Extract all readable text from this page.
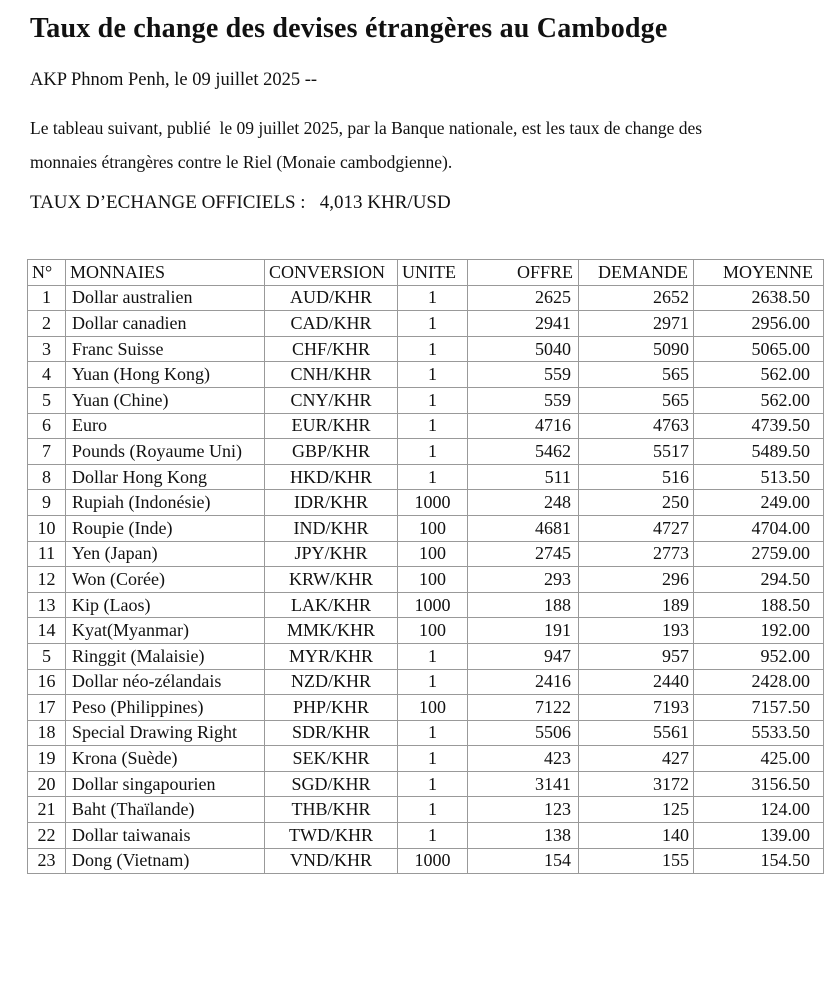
Taux de change des devises étrangères au Cambodge
AKP Phnom Penh, le 09 juillet 2025 --
Le tableau suivant, publié  le 09 juillet 2025, par la Banque nationale, est les taux de change des
monnaies étrangères contre le Riel (Monaie cambodgienne).
TAUX D’ECHANGE OFFICIELS :   4,013 KHR/USD
N°	MONNAIES	CONVERSION	UNITE	OFFRE	DEMANDE	MOYENNE
1	Dollar australien	AUD/KHR	1	2625	2652	2638.50
2	Dollar canadien	CAD/KHR	1	2941	2971	2956.00
3	Franc Suisse	CHF/KHR	1	5040	5090	5065.00
4	Yuan (Hong Kong)	CNH/KHR	1	559	565	562.00
5	Yuan (Chine)	CNY/KHR	1	559	565	562.00
6	Euro	EUR/KHR	1	4716	4763	4739.50
7	Pounds (Royaume Uni)	GBP/KHR	1	5462	5517	5489.50
8	Dollar Hong Kong	HKD/KHR	1	511	516	513.50
9	Rupiah (Indonésie)	IDR/KHR	1000	248	250	249.00
10	Roupie (Inde)	IND/KHR	100	4681	4727	4704.00
11	Yen (Japan)	JPY/KHR	100	2745	2773	2759.00
12	Won (Corée)	KRW/KHR	100	293	296	294.50
13	Kip (Laos)	LAK/KHR	1000	188	189	188.50
14	Kyat(Myanmar)	MMK/KHR	100	191	193	192.00
5	Ringgit (Malaisie)	MYR/KHR	1	947	957	952.00
16	Dollar néo-zélandais	NZD/KHR	1	2416	2440	2428.00
17	Peso (Philippines)	PHP/KHR	100	7122	7193	7157.50
18	Special Drawing Right	SDR/KHR	1	5506	5561	5533.50
19	Krona (Suède)	SEK/KHR	1	423	427	425.00
20	Dollar singapourien	SGD/KHR	1	3141	3172	3156.50
21	Baht (Thaïlande)	THB/KHR	1	123	125	124.00
22	Dollar taiwanais	TWD/KHR	1	138	140	139.00
23	Dong (Vietnam)	VND/KHR	1000	154	155	154.50
